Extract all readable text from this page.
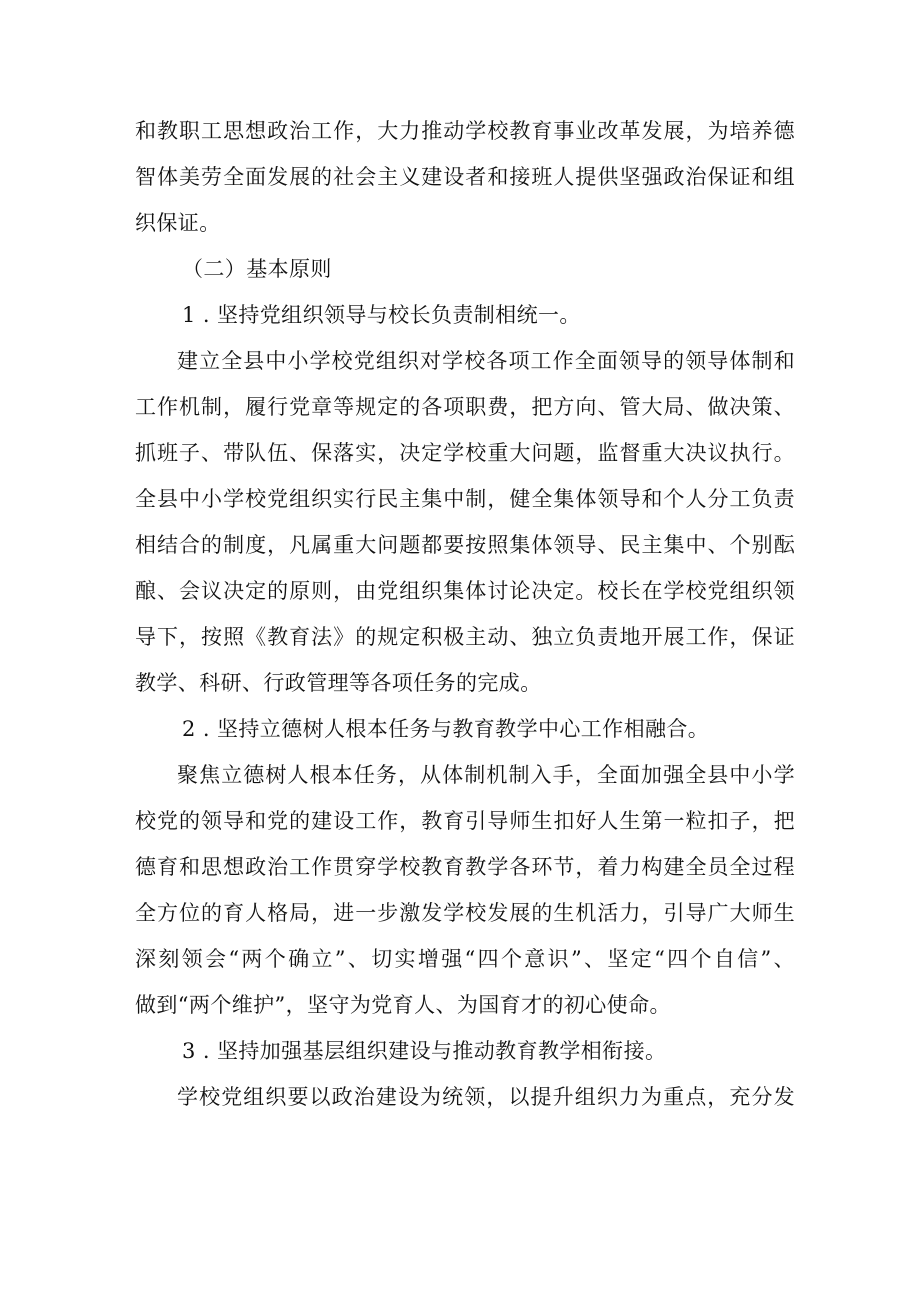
和教职工思想政治工作，大力推动学校教育事业改革发展，为培养德
智体美劳全面发展的社会主义建设者和接班人提供坚强政治保证和组
织保证。
（二）基本原则
1 . 坚持党组织领导与校长负责制相统一。
建立全县中小学校党组织对学校各项工作全面领导的领导体制和
工作机制，履行党章等规定的各项职费，把方向、管大局、做决策、
抓班子、带队伍、保落实，决定学校重大问题，监督重大决议执行。
全县中小学校党组织实行民主集中制，健全集体领导和个人分工负责
相结合的制度，凡属重大问题都要按照集体领导、民主集中、个别酝
酿、会议决定的原则，由党组织集体讨论决定。校长在学校党组织领
导下，按照《教育法》的规定积极主动、独立负责地开展工作，保证
教学、科研、行政管理等各项任务的完成。
2 . 坚持立德树人根本任务与教育教学中心工作相融合。
聚焦立德树人根本任务，从体制机制入手，全面加强全县中小学
校党的领导和党的建设工作，教育引导师生扣好人生第一粒扣子，把
德育和思想政治工作贯穿学校教育教学各环节，着力构建全员全过程
全方位的育人格局，进一步激发学校发展的生机活力，引导广大师生
深刻领会“两个确立”、切实增强“四个意识”、坚定“四个自信”、
做到“两个维护”，坚守为党育人、为国育才的初心使命。
3 . 坚持加强基层组织建设与推动教育教学相衔接。
学校党组织要以政治建设为统领，以提升组织力为重点，充分发
